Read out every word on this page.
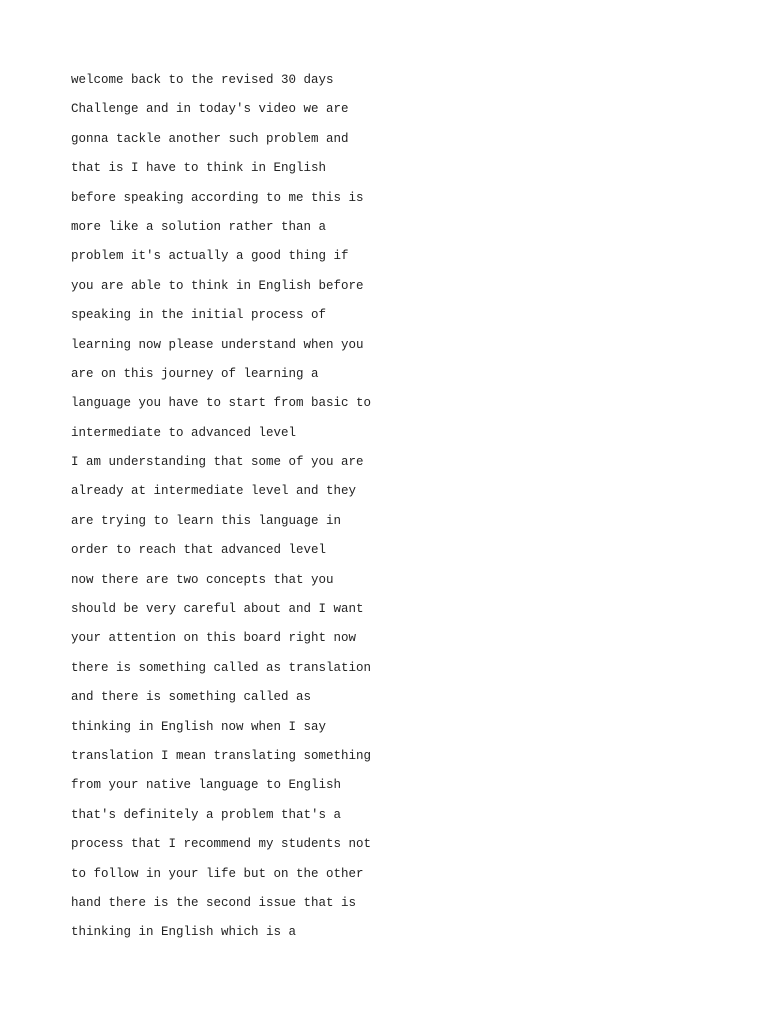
welcome back to the revised 30 days
Challenge and in today's video we are
gonna tackle another such problem and
that is I have to think in English
before speaking according to me this is
more like a solution rather than a
problem it's actually a good thing if
you are able to think in English before
speaking in the initial process of
learning now please understand when you
are on this journey of learning a
language you have to start from basic to
intermediate to advanced level
I am understanding that some of you are
already at intermediate level and they
are trying to learn this language in
order to reach that advanced level
now there are two concepts that you
should be very careful about and I want
your attention on this board right now
there is something called as translation
and there is something called as
thinking in English now when I say
translation I mean translating something
from your native language to English
that's definitely a problem that's a
process that I recommend my students not
to follow in your life but on the other
hand there is the second issue that is
thinking in English which is a
